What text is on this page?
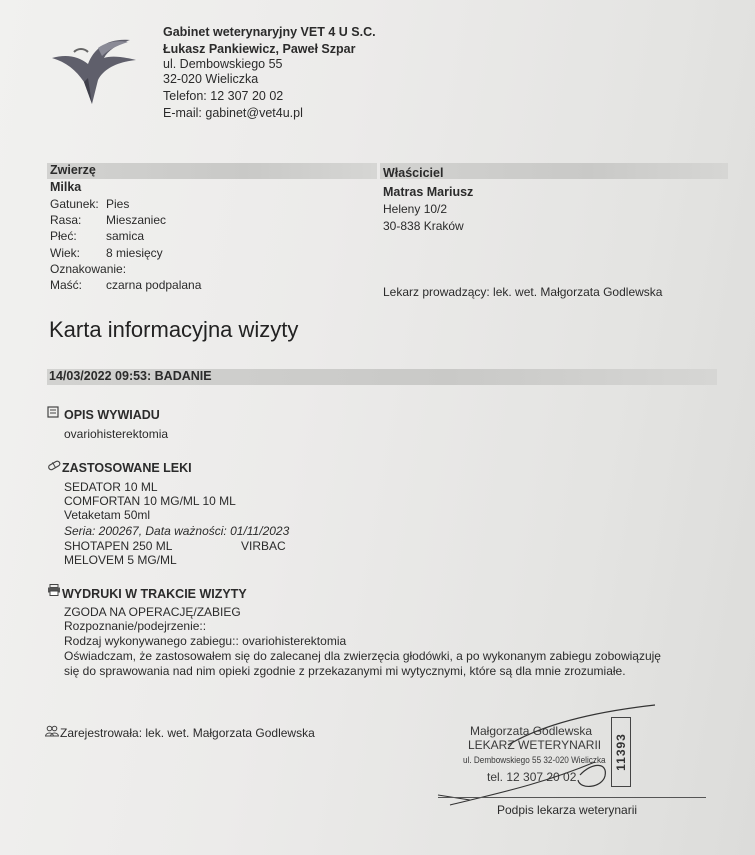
Gabinet weterynaryjny VET 4 U S.C.
Łukasz Pankiewicz, Paweł Szpar
ul. Dembowskiego 55
32-020 Wieliczka
Telefon: 12 307 20 02
E-mail: gabinet@vet4u.pl
Zwierzę
Milka
Gatunek: Pies
Rasa: Mieszaniec
Płeć: samica
Wiek: 8 miesięcy
Oznakowanie:
Maść: czarna podpalana
Właściciel
Matras Mariusz
Heleny 10/2
30-838 Kraków
Lekarz prowadzący: lek. wet. Małgorzata Godlewska
Karta informacyjna wizyty
14/03/2022 09:53: BADANIE
OPIS WYWIADU
ovariohisterektomia
ZASTOSOWANE LEKI
SEDATOR 10 ML
COMFORTAN 10 MG/ML 10 ML
Vetaketam 50ml
Seria: 200267, Data ważności: 01/11/2023
SHOTAPEN 250 ML	VIRBAC
MELOVEM 5 MG/ML
WYDRUKI W TRAKCIE WIZYTY
ZGODA NA OPERACJĘ/ZABIEG
Rozpoznanie/podejrzenie::
Rodzaj wykonywanego zabiegu:: ovariohisterektomia
Oświadczam, że zastosowałem się do zalecanej dla zwierzęcia głodówki, a po wykonanym zabiegu zobowiązuję
się do sprawowania nad nim opieki zgodnie z przekazanymi mi wytycznymi, które są dla mnie zrozumiałe.
Zarejestrowała: lek. wet. Małgorzata Godlewska	Małgorzata Godlewska
LEKARZ WETERYNARII
ul. Dembowskiego 55 32-020 Wieliczka
tel. 12 307 20 02
11393
Podpis lekarza weterynarii
